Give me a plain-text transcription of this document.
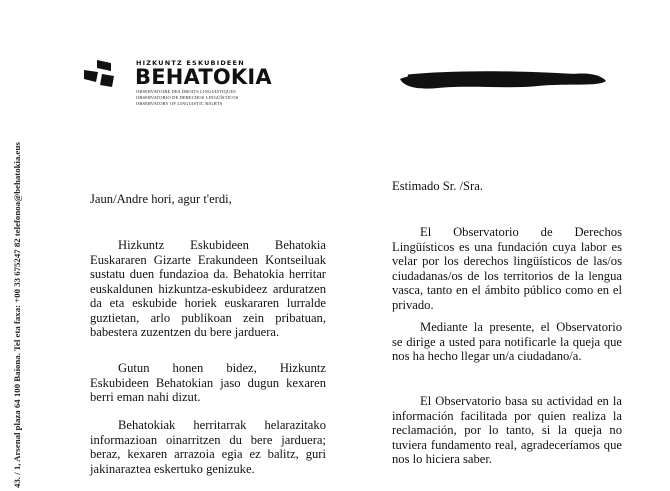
HIZKUNTZ ESKUBIDEEN
BEHATOKIA
OBSERVATOIRE DES DROITS LINGUISTIQUES
OBSERVATORIO DE DERECHOS LINGÜÍSTICOS
OBSERVATORY OF LINGUISTIC RIGHTS
43. / 1, Arsenal plaza 64 100 Baiona. Tel eta faxa: +00 33 675247 82 telefonoa@behatokia.eus	Jaun/Andre hori, agur t'erdi,
Hizkuntz Eskubideen Behatokia Euskararen Gizarte Erakundeen Kontseiluak sustatu duen fundazioa da. Behatokia herritar euskaldunen hizkuntza-eskubideez arduratzen da eta eskubide horiek euskararen lurralde guztietan, arlo publikoan zein pribatuan, babestera zuzentzen du bere jarduera.
Gutun honen bidez, Hizkuntz Eskubideen Behatokian jaso dugun kexaren berri eman nahi dizut.
Behatokiak herritarrak helarazitako informazioan oinarritzen du bere jarduera; beraz, kexaren arrazoia egia ez balitz, guri jakinaraztea eskertuko genizuke.
Estimado Sr. /Sra.
El Observatorio de Derechos Lingüísticos es una fundación cuya labor es velar por los derechos lingüísticos de las/os ciudadanas/os de los territorios de la lengua vasca, tanto en el ámbito público como en el privado.
Mediante la presente, el Observatorio se dirige a usted para notificarle la queja que nos ha hecho llegar un/a ciudadano/a.
El Observatorio basa su actividad en la información facilitada por quien realiza la reclamación, por lo tanto, si la queja no tuviera fundamento real, agradeceríamos que nos lo hiciera saber.
